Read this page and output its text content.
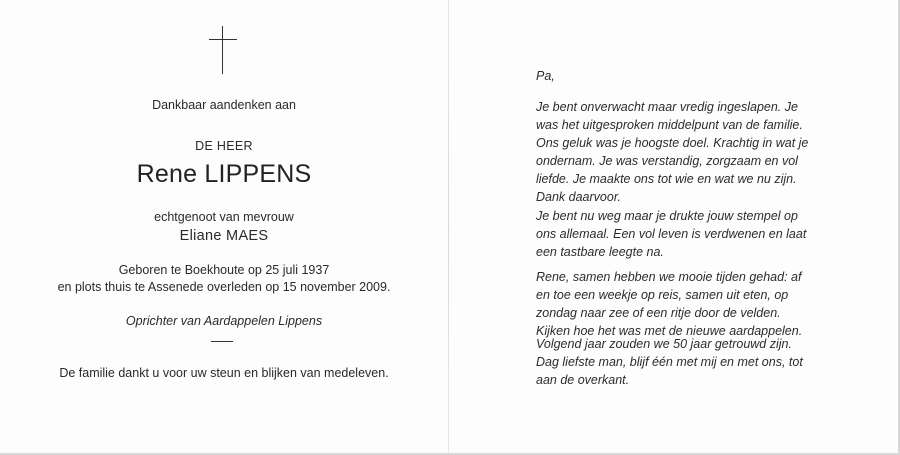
Dankbaar aandenken aan
DE HEER
Rene LIPPENS
echtgenoot van mevrouw
Eliane MAES
Geboren te Boekhoute op 25 juli 1937
en plots thuis te Assenede overleden op 15 november 2009.
Oprichter van Aardappelen Lippens
De familie dankt u voor uw steun en blijken van medeleven.
Pa,

Je bent onverwacht maar vredig ingeslapen. Je was het uitgesproken middelpunt van de familie. Ons geluk was je hoogste doel. Krachtig in wat je ondernam. Je was verstandig, zorgzaam en vol liefde. Je maakte ons tot wie en wat we nu zijn. Dank daarvoor.

Je bent nu weg maar je drukte jouw stempel op ons allemaal. Een vol leven is verdwenen en laat een tastbare leegte na.

Rene, samen hebben we mooie tijden gehad: af en toe een weekje op reis, samen uit eten, op zondag naar zee of een ritje door de velden. Kijken hoe het was met de nieuwe aardappelen.

Volgend jaar zouden we 50 jaar getrouwd zijn. Dag liefste man, blijf één met mij en met ons, tot aan de overkant.
